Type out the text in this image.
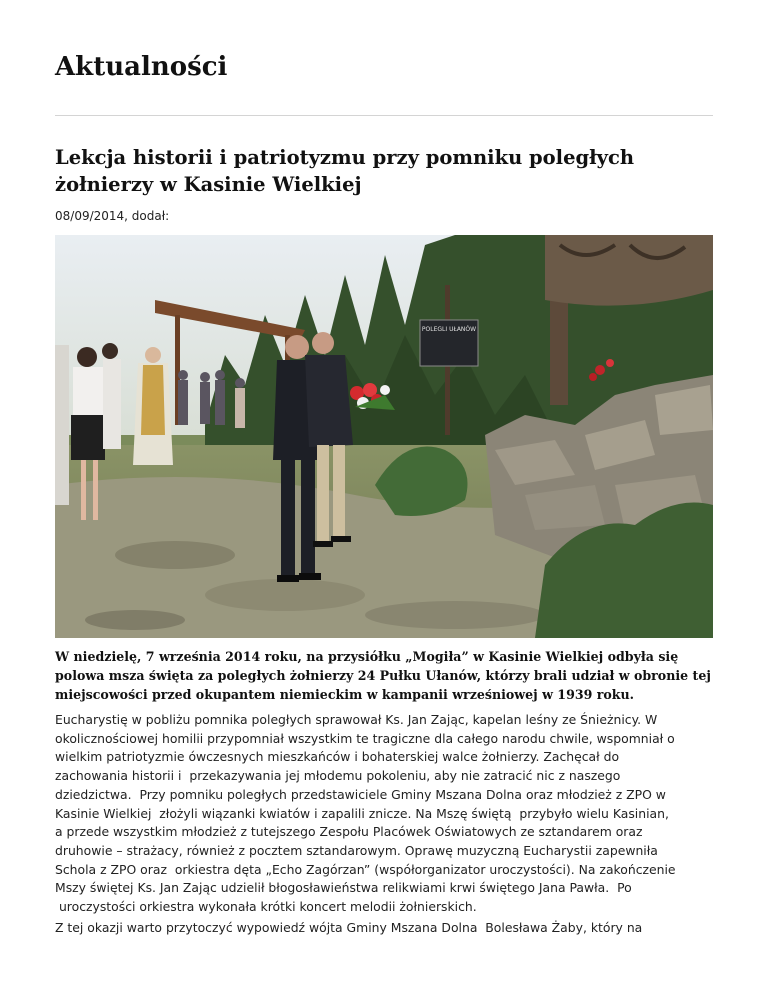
Aktualności
Lekcja historii i patriotyzmu przy pomniku poległych żołnierzy w Kasinie Wielkiej
08/09/2014, dodał:
POLEGLI UŁANÓW

W niedzielę, 7 września 2014 roku, na przysiółku „Mogiła” w Kasinie Wielkiej odbyła się polowa msza święta za poległych żołnierzy 24 Pułku Ułanów, którzy brali udział w obronie tej miejscowości przed okupantem niemieckim w kampanii wrześniowej w 1939 roku.

Eucharystię w pobliżu pomnika poległych sprawował Ks. Jan Zając, kapelan leśny ze Śnieżnicy. W
okolicznościowej homilii przypomniał wszystkim te tragiczne dla całego narodu chwile, wspomniał o
wielkim patriotyzmie ówczesnych mieszkańców i bohaterskiej walce żołnierzy. Zachęcał do
zachowania historii i  przekazywania jej młodemu pokoleniu, aby nie zatracić nic z naszego
dziedzictwa.  Przy pomniku poległych przedstawiciele Gminy Mszana Dolna oraz młodzież z ZPO w
Kasinie Wielkiej  złożyli wiązanki kwiatów i zapalili znicze. Na Mszę świętą  przybyło wielu Kasinian,
a przede wszystkim młodzież z tutejszego Zespołu Placówek Oświatowych ze sztandarem oraz
druhowie – strażacy, również z pocztem sztandarowym. Oprawę muzyczną Eucharystii zapewniła
Schola z ZPO oraz  orkiestra dęta „Echo Zagórzan” (współorganizator uroczystości). Na zakończenie
Mszy świętej Ks. Jan Zając udzielił błogosławieństwa relikwiami krwi świętego Jana Pawła.  Po
uroczystości orkiestra wykonała krótki koncert melodii żołnierskich.
Z tej okazji warto przytoczyć wypowiedź wójta Gminy Mszana Dolna  Bolesława Żaby, który na
